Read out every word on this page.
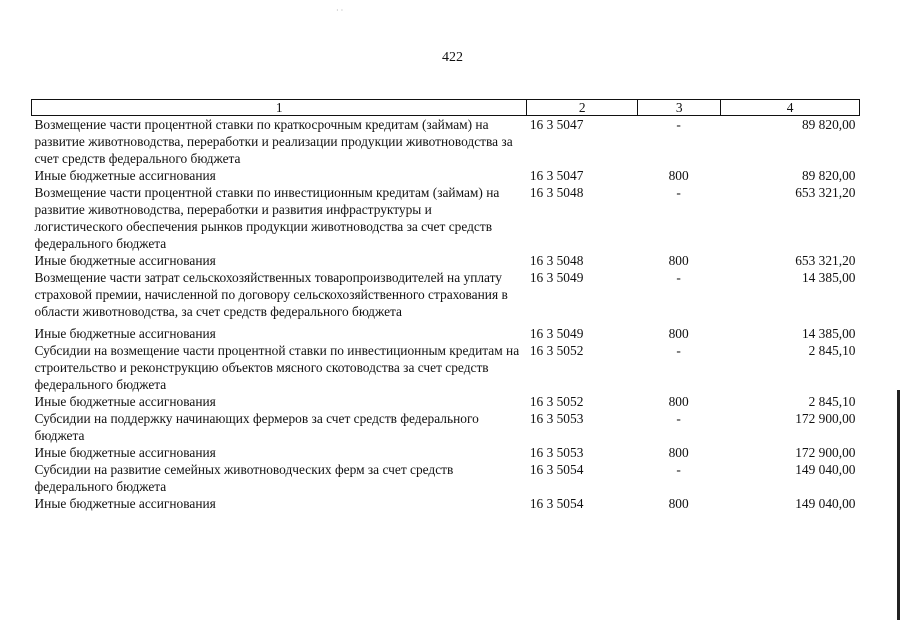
· ·
422
1	2	3	4
Возмещение части процентной ставки по краткосрочным кредитам (займам) на развитие животноводства, переработки и реализации продукции животноводства за счет средств федерального бюджета	16 3 5047	-	89 820,00
Иные бюджетные ассигнования	16 3 5047	800	89 820,00
Возмещение части процентной ставки по инвестиционным кредитам (займам) на развитие животноводства, переработки и развития инфраструктуры и логистического обеспечения рынков продукции животноводства за счет средств федерального бюджета	16 3 5048	-	653 321,20
Иные бюджетные ассигнования	16 3 5048	800	653 321,20
Возмещение части затрат сельскохозяйственных товаропроизводителей на уплату страховой премии, начисленной по договору сельскохозяйственного страхования в области животноводства, за счет средств федерального бюджета	16 3 5049	-	14 385,00
Иные бюджетные ассигнования	16 3 5049	800	14 385,00
Субсидии на возмещение части процентной ставки по инвестиционным кредитам на строительство и реконструкцию объектов мясного скотоводства за счет средств федерального бюджета	16 3 5052	-	2 845,10
Иные бюджетные ассигнования	16 3 5052	800	2 845,10
Субсидии на поддержку начинающих фермеров за счет средств федерального бюджета	16 3 5053	-	172 900,00
Иные бюджетные ассигнования	16 3 5053	800	172 900,00
Субсидии на развитие семейных животноводческих ферм за счет средств федерального бюджета	16 3 5054	-	149 040,00
Иные бюджетные ассигнования	16 3 5054	800	149 040,00
